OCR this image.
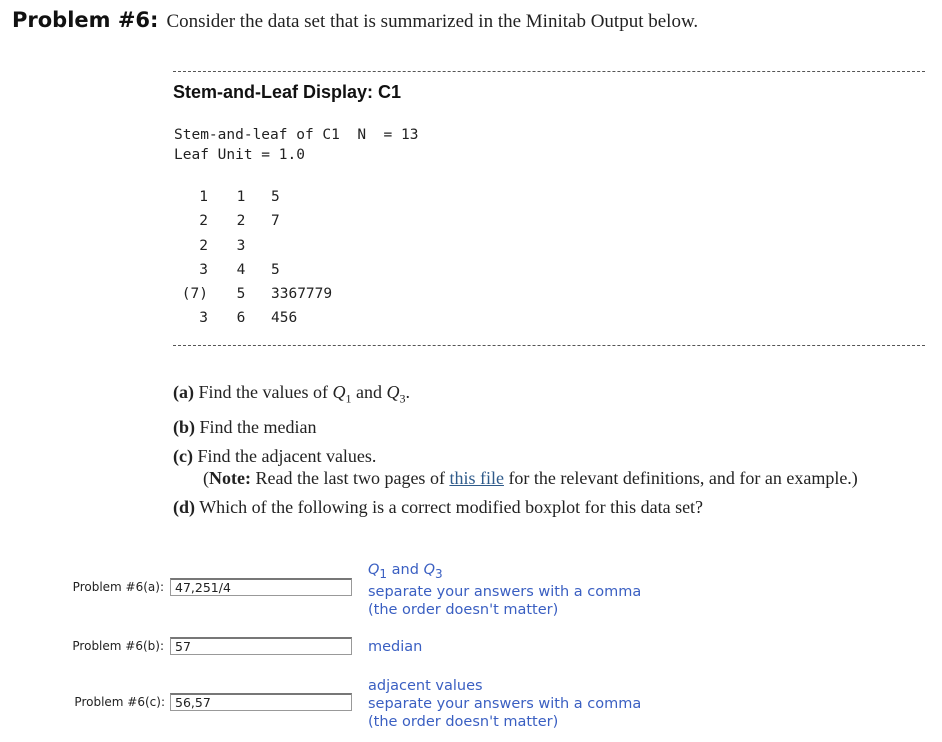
Problem #6: Consider the data set that is summarized in the Minitab Output below.
Stem-and-Leaf Display: C1
Stem-and-leaf of C1  N  = 13
Leaf Unit = 1.0
1 1 5
2 2 7
2 3
3 4 5
(7) 5 3367779
3 6 456
(a) Find the values of $Q_1$ and $Q_3$.
(b) Find the median
(c) Find the adjacent values.
(Note: Read the last two pages of this file for the relevant definitions, and for an example.)
(d) Which of the following is a correct modified boxplot for this data set?
Problem #6(a): 47,251/4
$Q_1$ and $Q_3$
separate your answers with a comma
(the order doesn't matter)
Problem #6(b): 57	median
Problem #6(c): 56,57
adjacent values
separate your answers with a comma
(the order doesn't matter)
